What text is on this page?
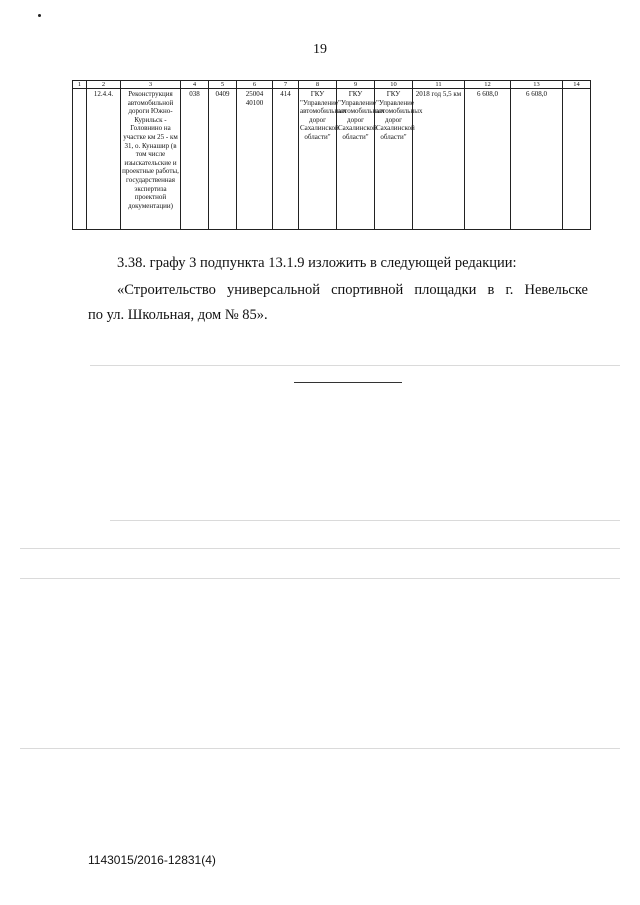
19
1	2	3	4	5	6	7	8	9	10	11	12	13	14
	12.4.4.	Реконструкция автомобильной дороги Южно-Курильск - Головнино на участке км 25 - км 31, о. Кунашир (в том числе изыскательские и проектные работы, государственная экспертиза проектной документации)	038	0409	25004 40100	414	ГКУ "Управление автомобильных дорог Сахалинской области"	ГКУ "Управление автомобильных дорог Сахалинской области"	ГКУ "Управление автомобильных дорог Сахалинской области"	2018 год 5,5 км	6 608,0	6 608,0	
3.38. графу 3 подпункта 13.1.9 изложить в следующей редакции:
«Строительство универсальной спортивной площадки в г. Невельске
по ул. Школьная, дом № 85».
1143015/2016-12831(4)
